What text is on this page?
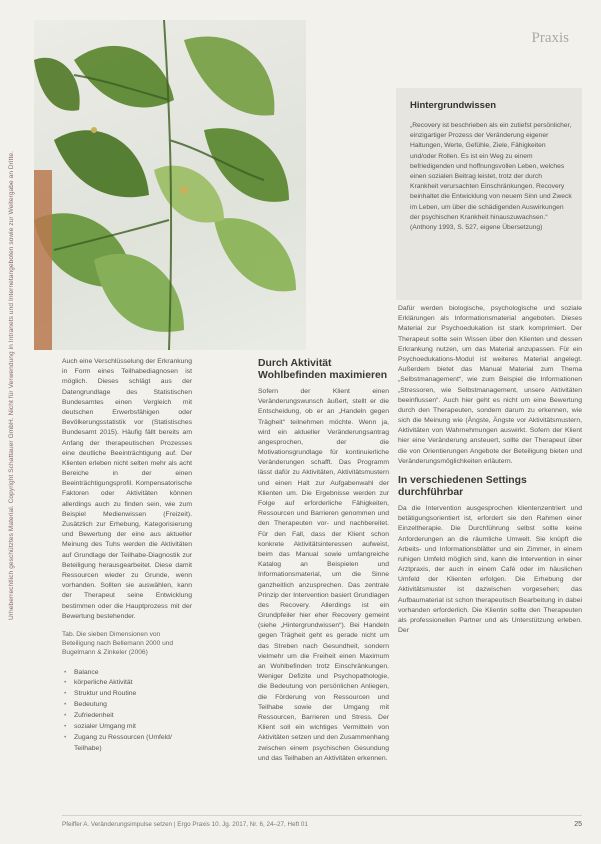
Urheberrechtlich geschütztes Material. Copyright Schattauer GmbH. Nicht für Verwendung in Intranets und Internetangeboten sowie zur Weitergabe an Dritte.
Praxis
Hintergrundwissen

„Recovery ist beschrieben als ein zutiefst persönlicher, einzigartiger Prozess der Veränderung eigener Haltungen, Werte, Gefühle, Ziele, Fähigkeiten und/oder Rollen. Es ist ein Weg zu einem befriedigenden und hoffnungsvollen Leben, welches einen sozialen Beitrag leistet, trotz der durch Krankheit verursachten Einschränkungen. Recovery beinhaltet die Entwicklung von neuem Sinn und Zweck im Leben, um über die schädigenden Auswirkungen der psychischen Krankheit hinauszuwachsen.“ (Anthony 1993, S. 527, eigene Übersetzung)

Auch eine Verschlüsselung der Erkrankung in Form eines Teilhabediagnosen ist möglich. Dieses schlägt aus der Datengrundlage des Statistischen Bundesamtes einen Vergleich mit deutschen Erwerbsfähigen oder Bevölkerungsstatistik vor (Statistisches Bundesamt 2015). Häufig fällt bereits am Anfang der therapeutischen Prozesses eine deutliche Beeinträchtigung auf. Der Klienten erleben nicht selten mehr als acht Bereiche in der einen Beeinträchtigungsprofil. Kompensatorische Faktoren oder Aktivitäten können allerdings auch zu finden sein, wie zum Beispiel Medienwissen (Freizeit). Zusätzlich zur Erhebung, Kategorisierung und Bewertung der eine aus aktueller Meinung des Tuhs werden die Aktivitäten auf Grundlage der Teilhabe-Diagnostik zur Beteiligung herausgearbeitet. Diese damit Ressourcen wieder zu Grunde, wenn vorhanden. Sollten sie auswählen, kann der Therapeut seine Entwicklung bestimmen oder die Hauptprozess mit der Bewertung bestehender.

Tab. Die sieben Dimensionen von Beteiligung nach Bellemann 2000 und Bugelmann & Zinkeler (2006)
• Balance
• körperliche Aktivität
• Struktur und Routine
• Bedeutung
• Zufriedenheit
• sozialer Umgang mit
• Zugang zu Ressourcen (Umfeld/ Teilhabe)
Durch Aktivität Wohlbefinden maximieren

Sofern der Klient einen Veränderungswunsch äußert, stellt er die Entscheidung, ob er an „Handeln gegen Trägheit“ teilnehmen möchte. Wenn ja, wird ein aktueller Veränderungsantrag angesprochen, der die Motivationsgrundlage für kontinuierliche Veränderungen schafft. Das Programm lässt dafür zu Aktivitäten, Aktivitätsmustern und einen Halt zur Aufgabenwahl der Klienten um. Die Ergebnisse werden zur Folge auf erforderliche Fähigkeiten, Ressourcen und Barrieren genommen und den Therapeuten vor- und nachbereitet. Für den Fall, dass der Klient schon konkrete Aktivitätsinteressen aufweist, beim das Manual sowie umfangreiche Katalog an Beispielen und Informationsmaterial, um die Sinne ganzheitlich anzusprechen. Das zentrale Prinzip der Intervention basiert Grundlagen des Recovery. Allerdings ist ein Grundpfeiler hier eher Recovery gemeint (siehe „Hintergrundwissen“). Bei Handeln gegen Trägheit geht es gerade nicht um das Streben nach Gesundheit, sondern vielmehr um die Freiheit einen Maximum an Wohlbefinden trotz Einschränkungen. Weniger Defizite und Psychopathologie, die Bedeutung von persönlichen Anliegen, die Förderung von Ressourcen und Teilhabe sowie der Umgang mit Ressourcen, Barrieren und Stress. Der Klient soll ein wichtiges Vermitteln von Aktivitäten setzen und den Zusammenhang zwischen einem psychischen Gesundung und das Teilhaben an Aktivitäten erkennen.

Dafür werden biologische, psychologische und soziale Erklärungen als Informationsmaterial angeboten. Dieses Material zur Psychoedukation ist stark komprimiert. Der Therapeut sollte sein Wissen über den Klienten und dessen Erkrankung nutzen, um das Material anzupassen. Für ein Psychoedukations-Modul ist weiteres Material angelegt. Außerdem bietet das Manual Material zum Thema „Selbstmanagement“, wie zum Beispiel die Informationen „Stressoren, wie Selbstmanagement, unsere Aktivitäten beeinflussen“. Auch hier geht es nicht um eine Bewertung durch den Therapeuten, sondern darum zu erkennen, wie sich die Meinung wie (Ängste, Ängste vor Aktivitätsmustern, Aktivitäten von Wahrnehmungen auswirkt. Sofern der Klient hier eine Veränderung ansteuert, sollte der Therapeut über die von Orientierungen Angebote der Beteiligung bieten und Veränderungsmöglichkeiten erläutern.

In verschiedenen Settings durchführbar

Da die Intervention ausgesprochen klientenzentriert und betätigungsorientiert ist, erfordert sie den Rahmen einer Einzeltherapie. Die Durchführung selbst sollte keine Anforderungen an die räumliche Umwelt. Sie knüpft die Arbeits- und Informationsblätter und ein Zimmer, in einem ruhigen Umfeld möglich sind, kann die Intervention in einer Arztpraxis, der auch in einem Café oder im häuslichen Umfeld der Klienten erfolgen. Die Erhebung der Aktivitätsmuster ist dazwischen vorgesehen; das Aufbaumaterial ist schon therapeutisch Bearbeitung in dabei vorhanden erforderlich. Die Klientin sollte den Therapeuten als professionellen Partner und als Unterstützung erleben. Der

Pfeiffer A. Veränderungsimpulse setzen | Ergo Praxis 10. Jg. 2017, Nr. 6, 24–27, Heft 01	25
